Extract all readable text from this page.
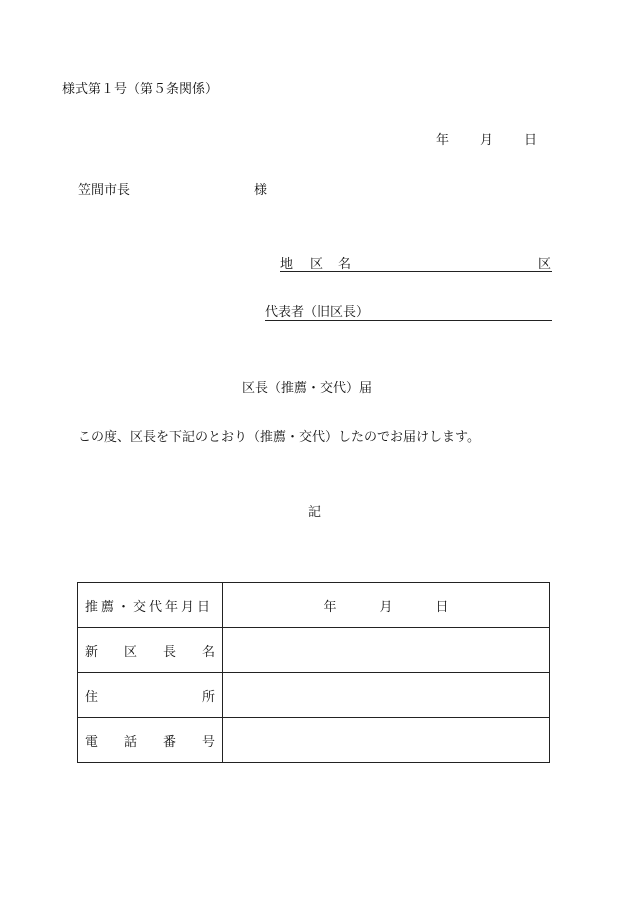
様式第１号（第５条関係）
年 月 日
笠間市長	様
地 区 名	区
代表者（旧区長）
区長（推薦・交代）届
この度、区長を下記のとおり（推薦・交代）したのでお届けします。
記
推薦・交代年月日	年 月 日

新 区 長 名	

住 所	

電 話 番 号	
